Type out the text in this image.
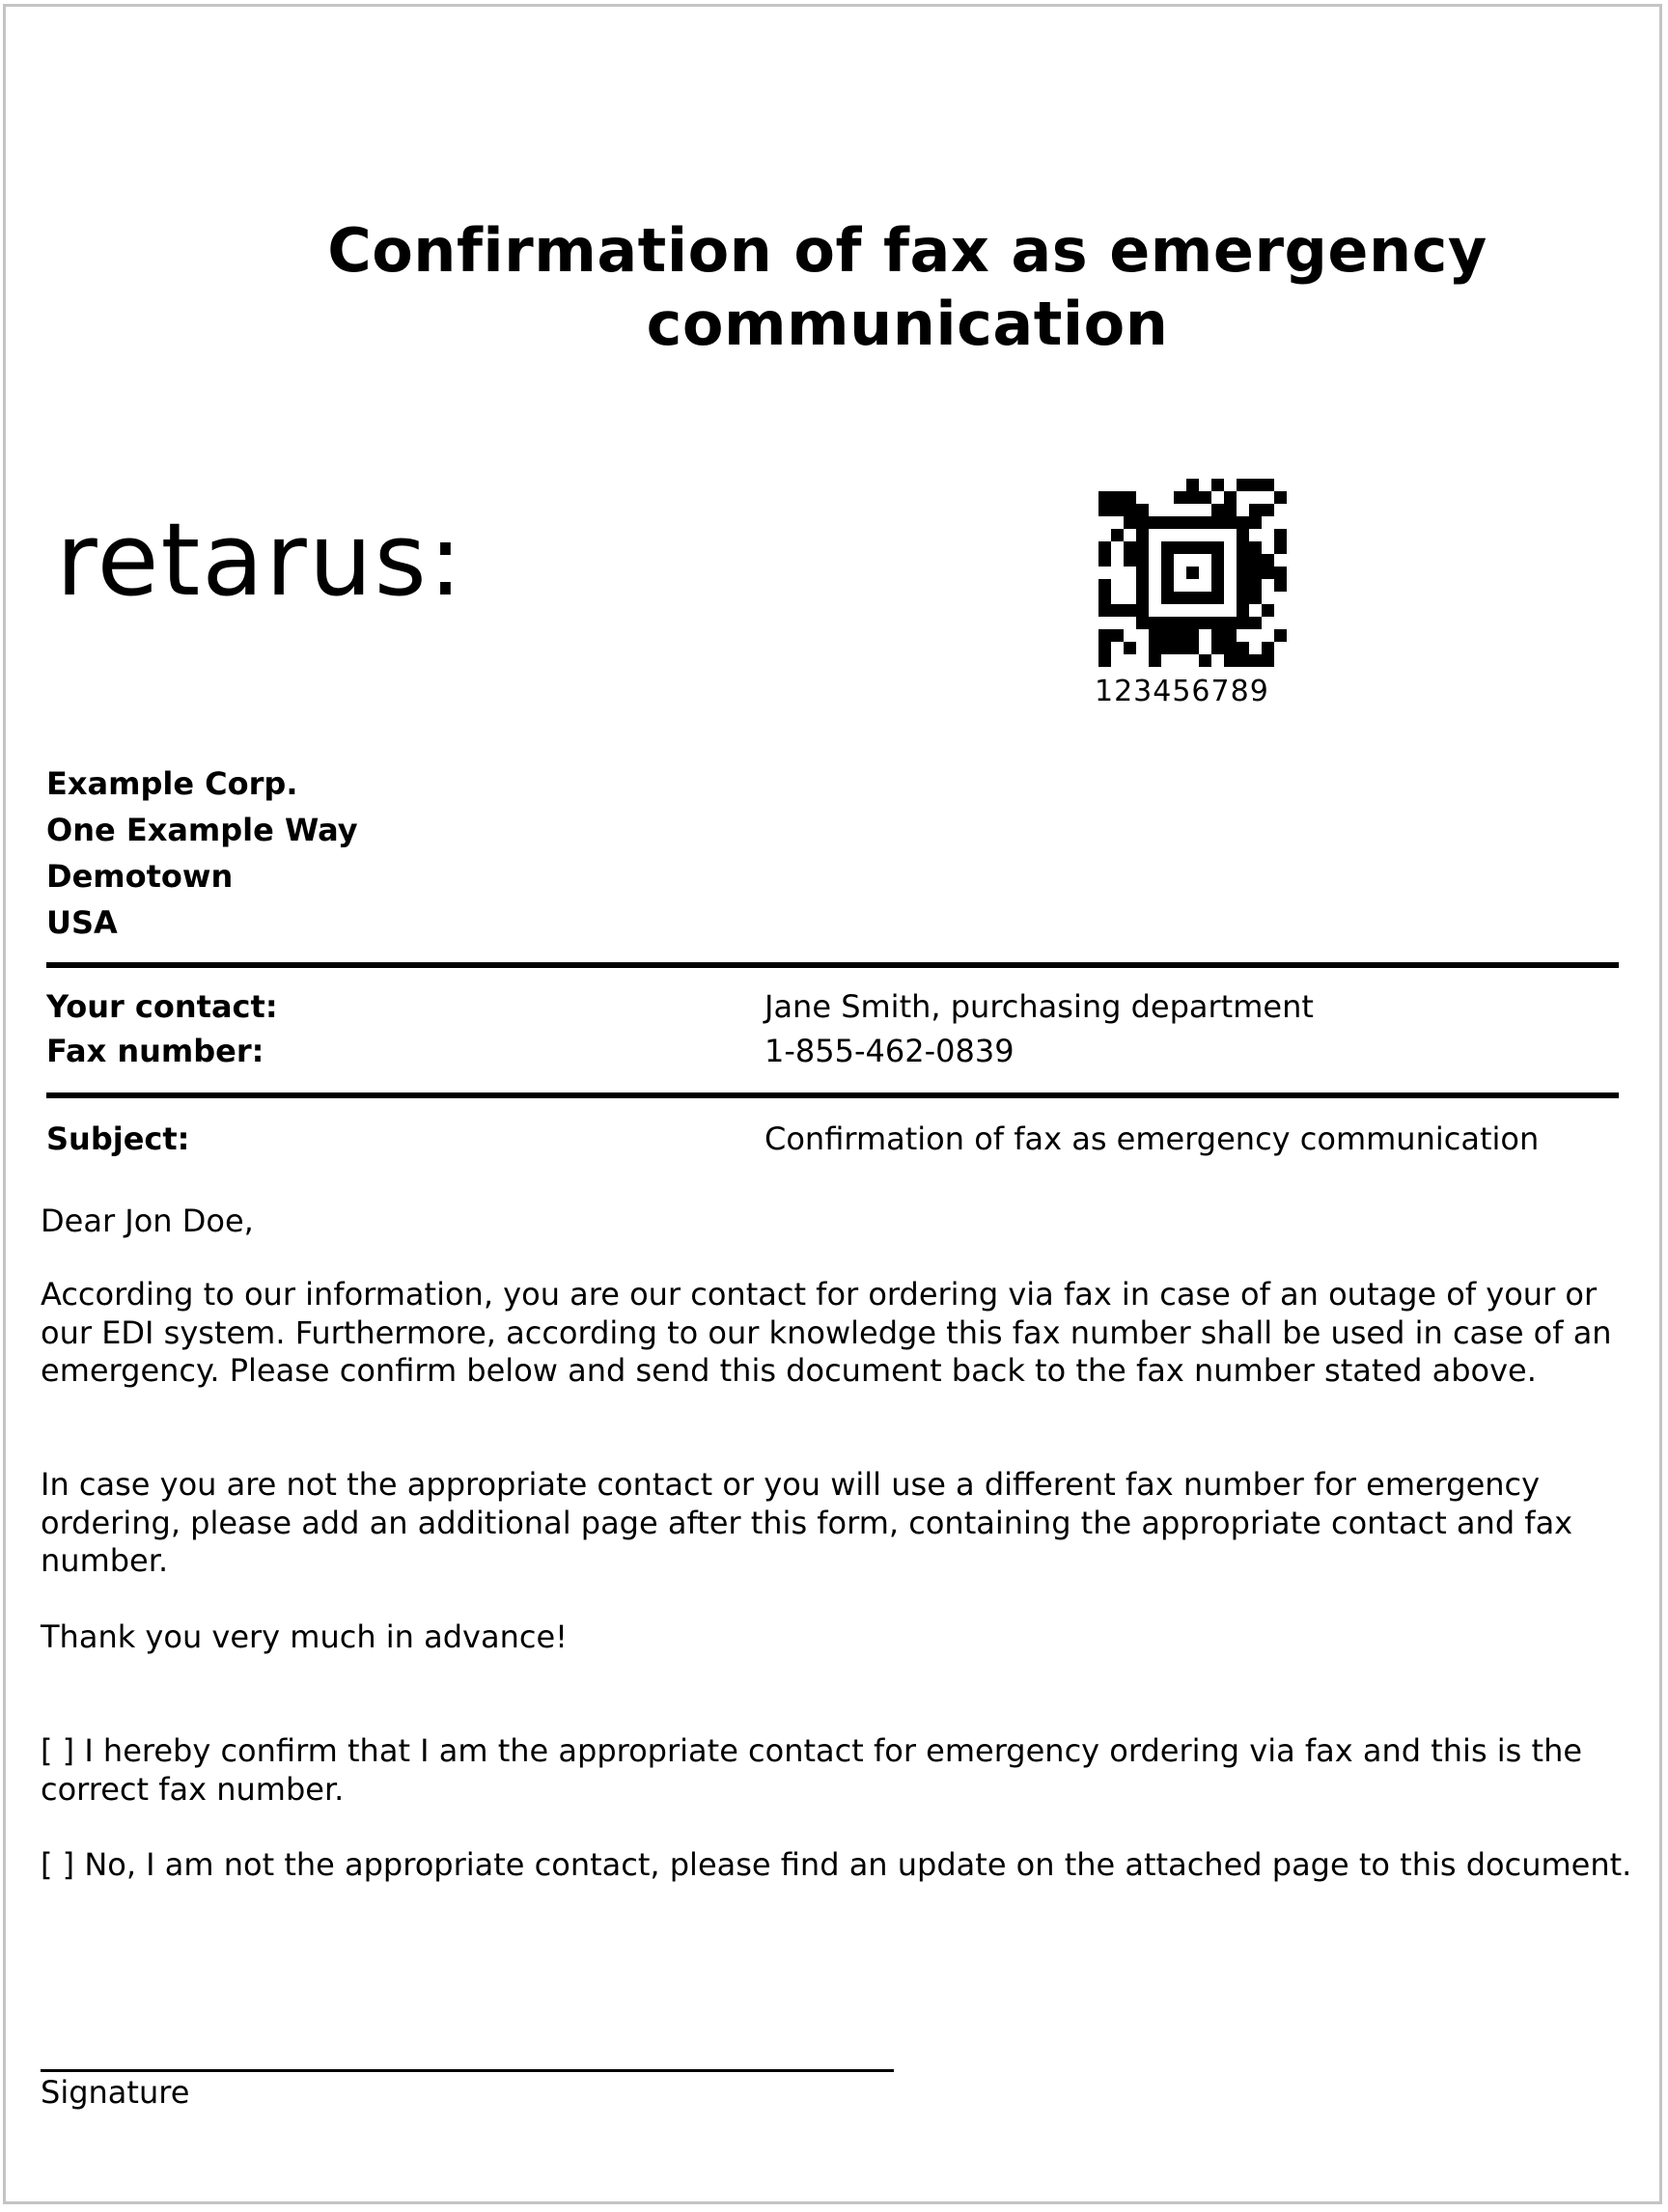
Confirmation of fax as emergency communication
retarus:
123456789
Example Corp.
One Example Way
Demotown
USA
Your contact:	Jane Smith, purchasing department
Fax number:	1-855-462-0839
Subject:	Confirmation of fax as emergency communication

Dear Jon Doe,

According to our information, you are our contact for ordering via fax in case of an outage of your or our EDI system. Furthermore, according to our knowledge this fax number shall be used in case of an emergency. Please confirm below and send this document back to the fax number stated above.

In case you are not the appropriate contact or you will use a different fax number for emergency ordering, please add an additional page after this form, containing the appropriate contact and fax number.

Thank you very much in advance!

[ ] I hereby confirm that I am the appropriate contact for emergency ordering via fax and this is the correct fax number.

[ ] No, I am not the appropriate contact, please find an update on the attached page to this document.

Signature
